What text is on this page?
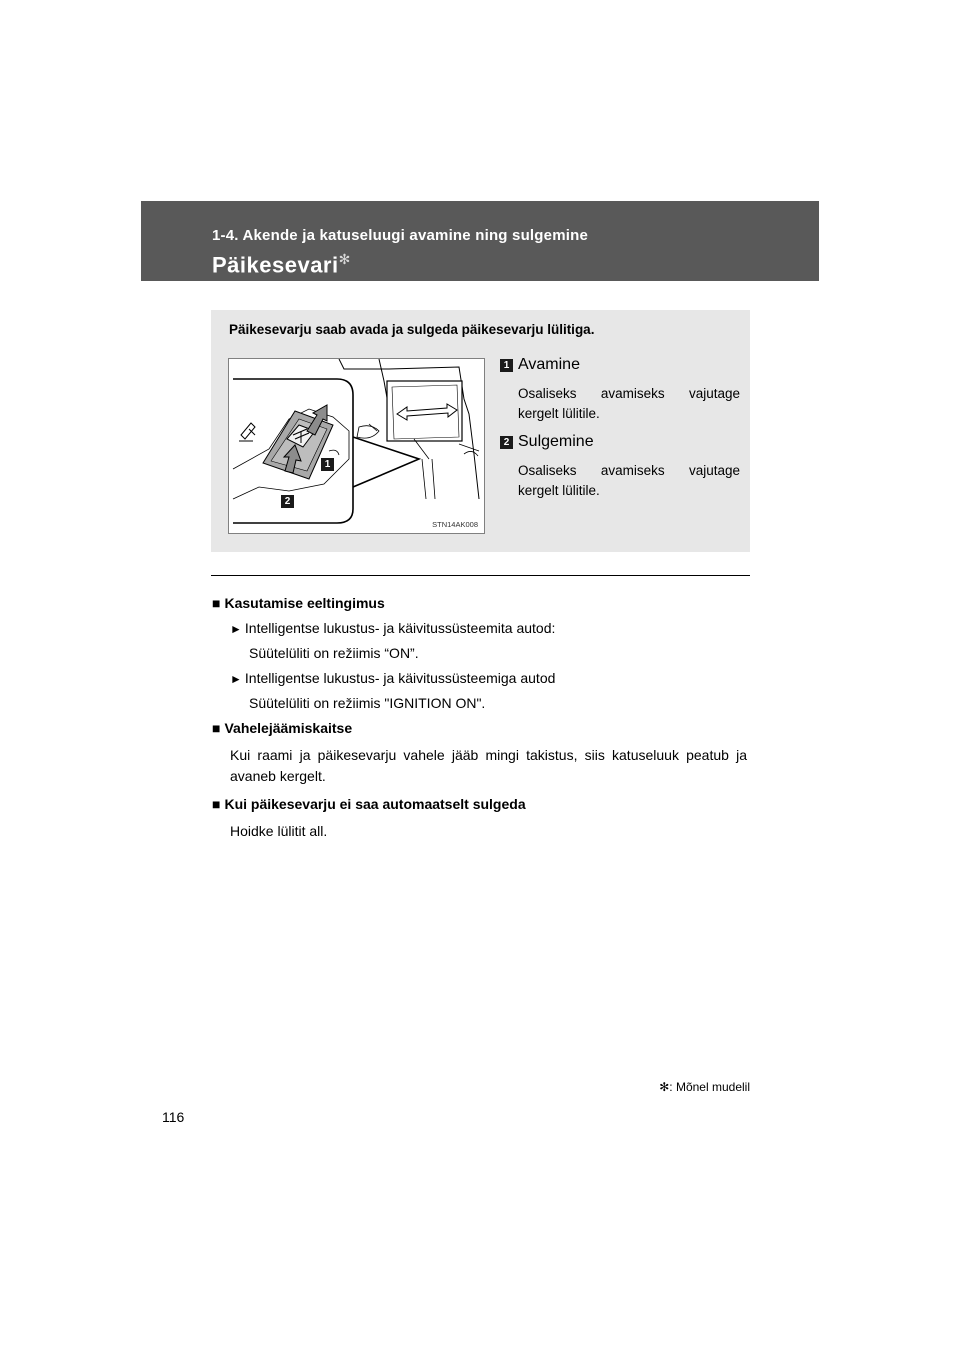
1-4. Akende ja katuseluugi avamine ning sulgemine
Päikesevari✻
Päikesevarju saab avada ja sulgeda päikesevarju lülitiga.
1
2
STN14AK008
1 Avamine
Osaliseks avamiseks vajutage kergelt lülitile.
2 Sulgemine
Osaliseks avamiseks vajutage kergelt lülitile.
■ Kasutamise eeltingimus
► Intelligentse lukustus- ja käivitussüsteemita autod:
Süütelüliti on režiimis “ON”.
► Intelligentse lukustus- ja käivitussüsteemiga autod
Süütelüliti on režiimis "IGNITION ON".
■ Vahelejäämiskaitse
Kui raami ja päikesevarju vahele jääb mingi takistus, siis katuseluuk peatub ja avaneb kergelt.
■ Kui päikesevarju ei saa automaatselt sulgeda
Hoidke lülitit all.
✻: Mõnel mudelil
116
